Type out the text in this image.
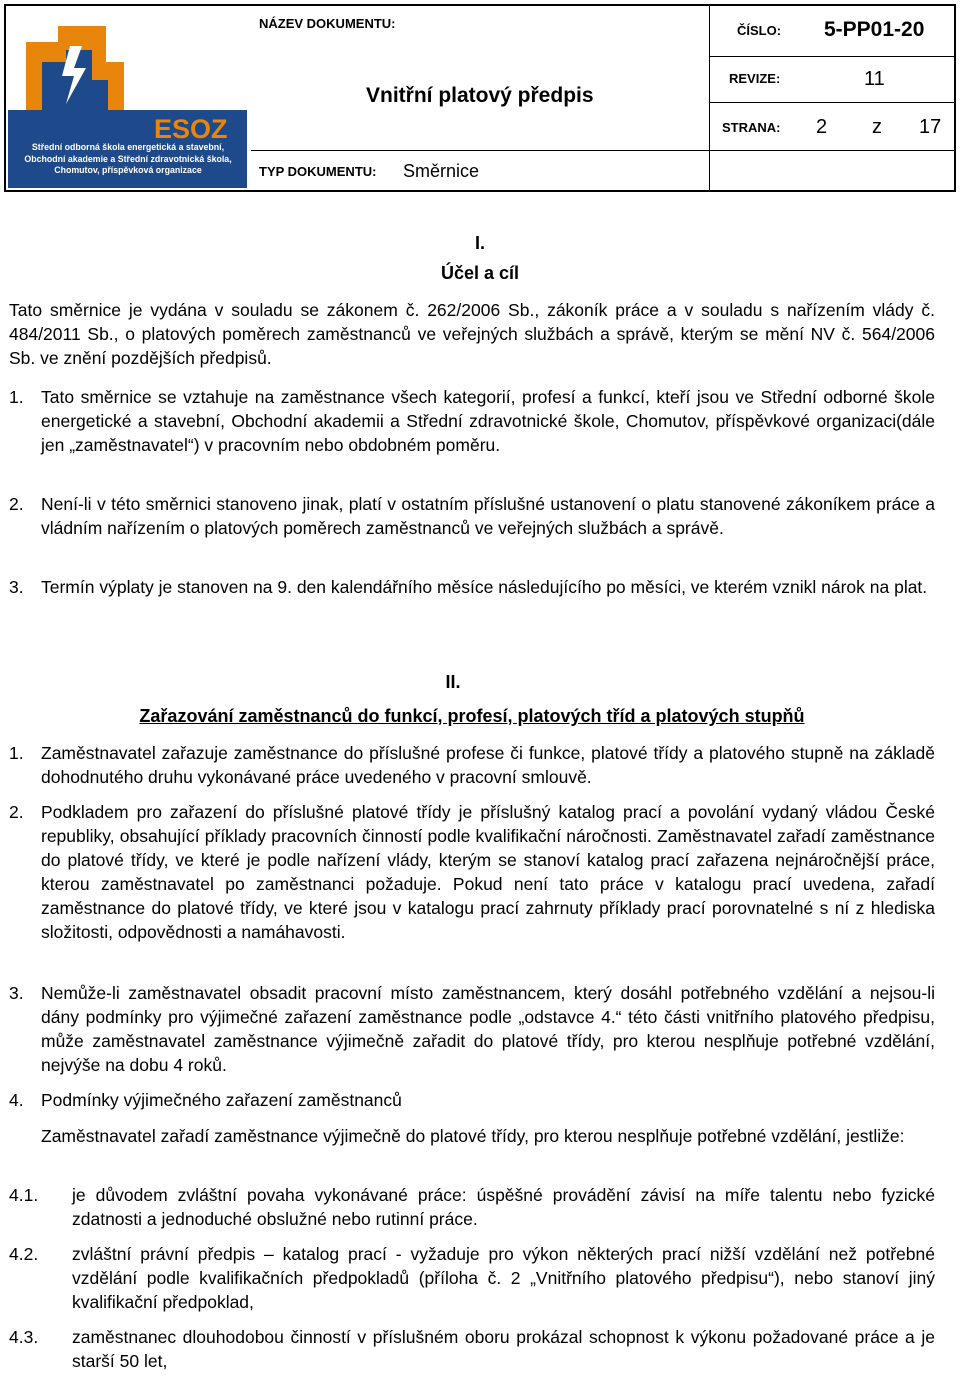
ESOZ
Střední odborná škola energetická a stavební,
Obchodní akademie a Střední zdravotnická škola,
Chomutov, příspěvková organizace
NÁZEV DOKUMENTU:
Vnitřní platový předpis
TYP DOKUMENTU: Směrnice
ČÍSLO: 5-PP01-20
REVIZE:	11
STRANA: 2 z 17
I.
Účel a cíl
Tato směrnice je vydána v souladu se zákonem č. 262/2006 Sb., zákoník práce a v souladu s nařízením vlády č. 484/2011 Sb., o platových poměrech zaměstnanců ve veřejných službách a správě, kterým se mění NV č. 564/2006 Sb. ve znění pozdějších předpisů.
1. Tato směrnice se vztahuje na zaměstnance všech kategorií, profesí a funkcí, kteří jsou ve Střední odborné škole energetické a stavební, Obchodní akademii a Střední zdravotnické škole, Chomutov, příspěvkové organizaci(dále jen „zaměstnavatel“) v pracovním nebo obdobném poměru.
2. Není-li v této směrnici stanoveno jinak, platí v ostatním příslušné ustanovení o platu stanovené zákoníkem práce a vládním nařízením o platových poměrech zaměstnanců ve veřejných službách a správě.
3. Termín výplaty je stanoven na 9. den kalendářního měsíce následujícího po měsíci, ve kterém vznikl nárok na plat.
II.
Zařazování zaměstnanců do funkcí, profesí, platových tříd a platových stupňů
1. Zaměstnavatel zařazuje zaměstnance do příslušné profese či funkce, platové třídy a platového stupně na základě dohodnutého druhu vykonávané práce uvedeného v pracovní smlouvě.
2. Podkladem pro zařazení do příslušné platové třídy je příslušný katalog prací a povolání vydaný vládou České republiky, obsahující příklady pracovních činností podle kvalifikační náročnosti. Zaměstnavatel zařadí zaměstnance do platové třídy, ve které je podle nařízení vlády, kterým se stanoví katalog prací zařazena nejnáročnější práce, kterou zaměstnavatel po zaměstnanci požaduje. Pokud není tato práce v katalogu prací uvedena, zařadí zaměstnance do platové třídy, ve které jsou v katalogu prací zahrnuty příklady prací porovnatelné s ní z hlediska složitosti, odpovědnosti a namáhavosti.
3. Nemůže-li zaměstnavatel obsadit pracovní místo zaměstnancem, který dosáhl potřebného vzdělání a nejsou-li dány podmínky pro výjimečné zařazení zaměstnance podle „odstavce 4.“ této části vnitřního platového předpisu, může zaměstnavatel zaměstnance výjimečně zařadit do platové třídy, pro kterou nesplňuje potřebné vzdělání, nejvýše na dobu 4 roků.
4. Podmínky výjimečného zařazení zaměstnanců
Zaměstnavatel zařadí zaměstnance výjimečně do platové třídy, pro kterou nesplňuje potřebné vzdělání, jestliže:
4.1. je důvodem zvláštní povaha vykonávané práce: úspěšné provádění závisí na míře talentu nebo fyzické zdatnosti a jednoduché obslužné nebo rutinní práce.
4.2. zvláštní právní předpis – katalog prací - vyžaduje pro výkon některých prací nižší vzdělání než potřebné vzdělání podle kvalifikačních předpokladů (příloha č. 2 „Vnitřního platového předpisu“), nebo stanoví jiný kvalifikační předpoklad,
4.3. zaměstnanec dlouhodobou činností v příslušném oboru prokázal schopnost k výkonu požadované práce a je starší 50 let,
